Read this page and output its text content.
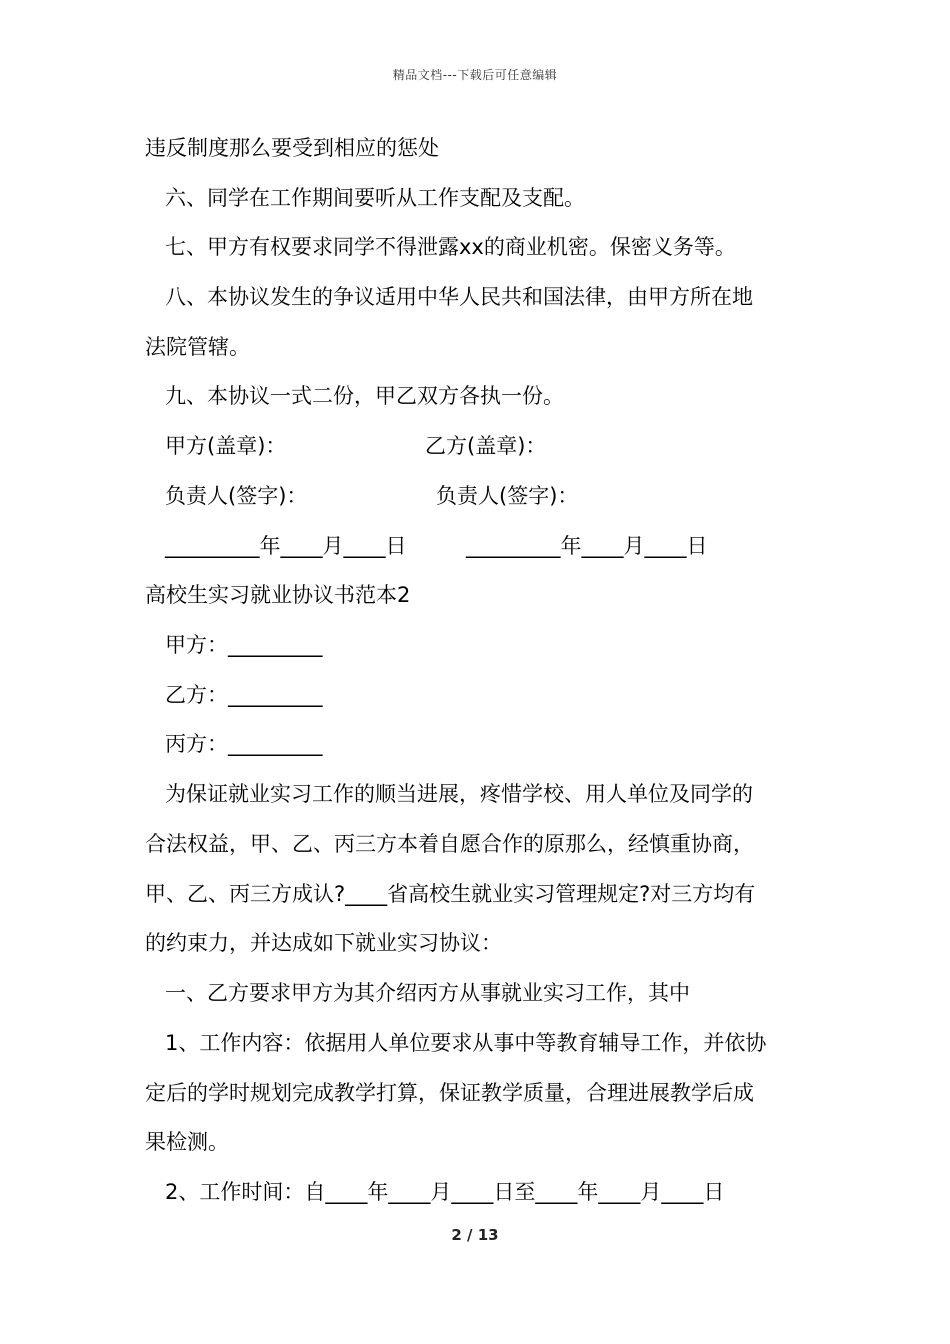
精品文档---下载后可任意编辑
违反制度那么要受到相应的惩处
六、同学在工作期间要听从工作支配及支配。
七、甲方有权要求同学不得泄露xx的商业机密。保密义务等。
八、本协议发生的争议适用中华人民共和国法律，由甲方所在地
法院管辖。
九、本协议一式二份，甲乙双方各执一份。
甲方(盖章)：	乙方(盖章)：
负责人(签字)：	负责人(签字)：
_________年____月____日	_________年____月____日
高校生实习就业协议书范本2
甲方：_________
乙方：_________
丙方：_________
为保证就业实习工作的顺当进展，疼惜学校、用人单位及同学的
合法权益，甲、乙、丙三方本着自愿合作的原那么，经慎重协商，
甲、乙、丙三方成认?____省高校生就业实习管理规定?对三方均有
的约束力，并达成如下就业实习协议：
一、乙方要求甲方为其介绍丙方从事就业实习工作，其中
1、工作内容：依据用人单位要求从事中等教育辅导工作，并依协
定后的学时规划完成教学打算，保证教学质量，合理进展教学后成
果检测。
2、工作时间：自____年____月____日至____年____月____日
2 / 13
